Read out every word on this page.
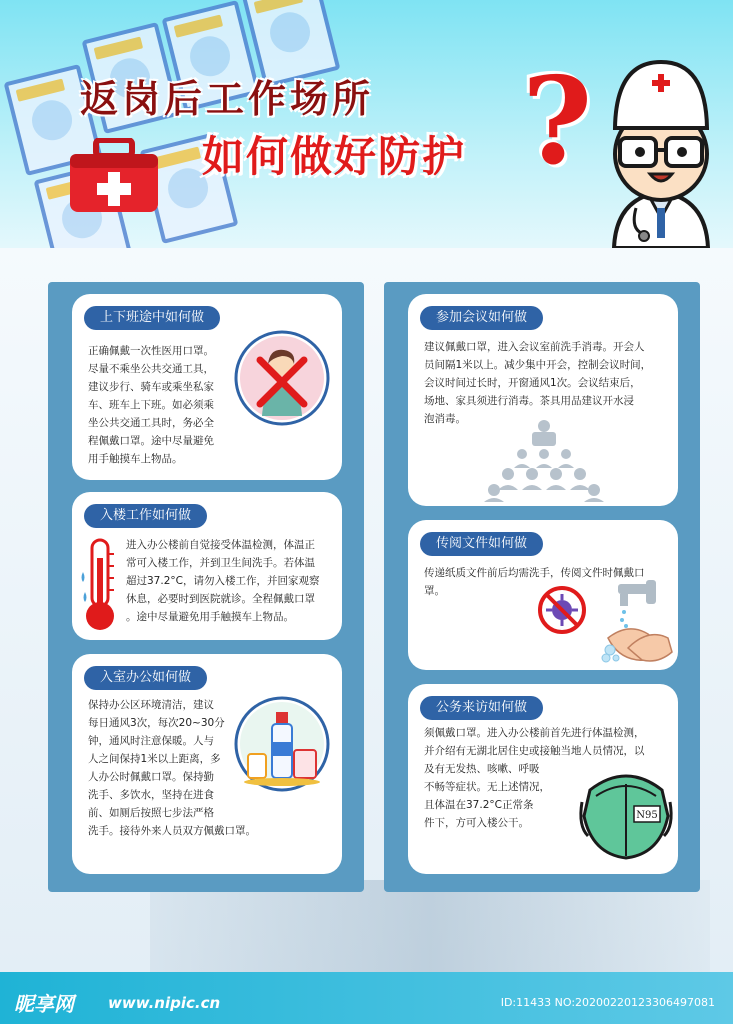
返岗后工作场所
如何做好防护 ?
上下班途中如何做
正确佩戴一次性医用口罩。
尽量不乘坐公共交通工具，
建议步行、骑车或乘坐私家
车、班车上下班。如必须乘
坐公共交通工具时，务必全
程佩戴口罩。途中尽量避免
用手触摸车上物品。
入楼工作如何做
进入办公楼前自觉接受体温检测，体温正
常可入楼工作，并到卫生间洗手。若体温
超过37.2°C，请勿入楼工作，并回家观察
休息，必要时到医院就诊。全程佩戴口罩
。途中尽量避免用手触摸车上物品。
入室办公如何做
保持办公区环境清洁，建议
每日通风3次，每次20~30分
钟，通风时注意保暖。人与
人之间保持1米以上距离，多
人办公时佩戴口罩。保持勤
洗手、多饮水，坚持在进食
前、如厕后按照七步法严格
洗手。接待外来人员双方佩戴口罩。
参加会议如何做
建议佩戴口罩，进入会议室前洗手消毒。开会人
员间隔1米以上。减少集中开会，控制会议时间，
会议时间过长时，开窗通风1次。会议结束后，
场地、家具须进行消毒。茶具用品建议开水浸
泡消毒。
传阅文件如何做
传递纸质文件前后均需洗手，传阅文件时佩戴口
罩。
公务来访如何做
须佩戴口罩。进入办公楼前首先进行体温检测，
并介绍有无湖北居住史或接触当地人员情况，以
及有无发热、咳嗽、呼吸
不畅等症状。无上述情况，
且体温在37.2°C正常条
件下，方可入楼公干。
N95
昵享网 www.nipic.cn	ID:11433 NO:20200220123306497081
